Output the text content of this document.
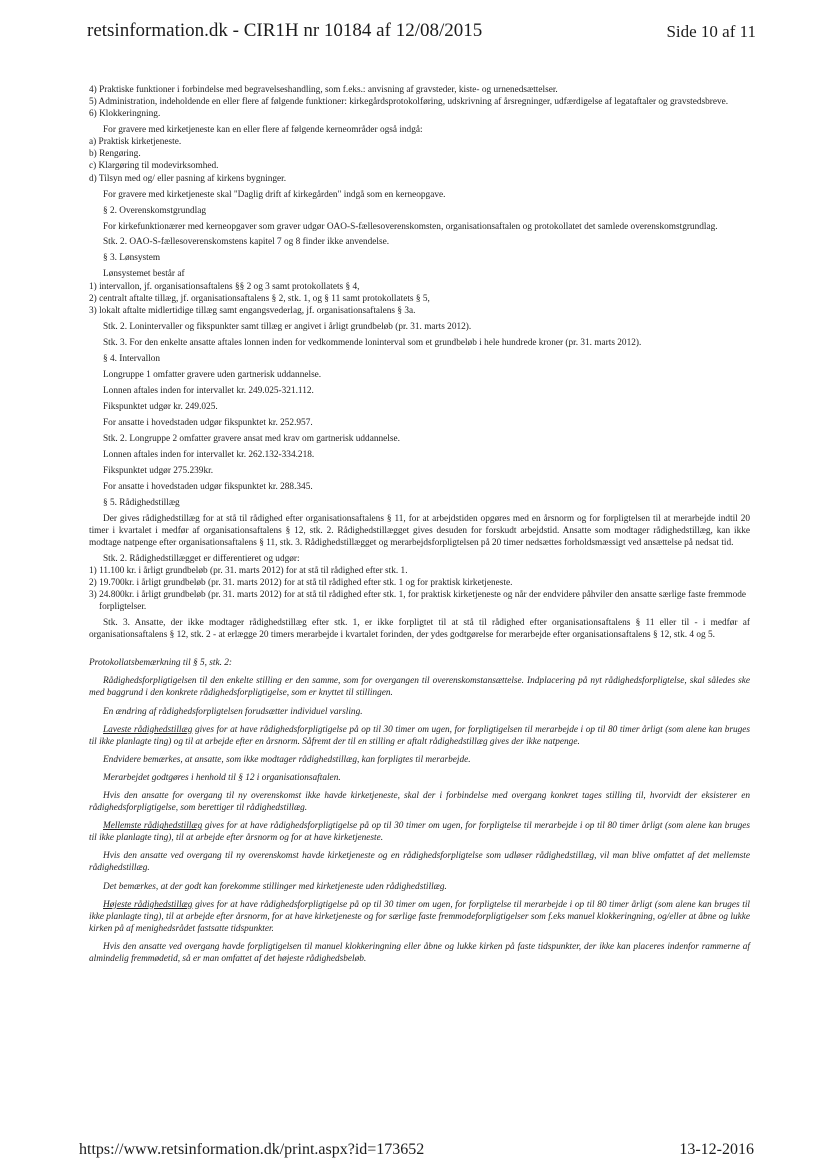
retsinformation.dk - CIR1H nr 10184 af 12/08/2015	Side 10 af 11

4) Praktiske funktioner i forbindelse med begravelseshandling, som f.eks.: anvisning af gravsteder, kiste- og urnenedsættelser.

5) Administration, indeholdende en eller flere af følgende funktioner: kirkegårdsprotokolføring, udskrivning af årsregninger, udfærdigelse af legataftaler og gravstedsbreve.

6) Klokkeringning.

For gravere med kirketjeneste kan en eller flere af følgende kerneområder også indgå:

a) Praktisk kirketjeneste.

b) Rengøring.

c) Klargøring til modevirksomhed.

d) Tilsyn med og/ eller pasning af kirkens bygninger.

For gravere med kirketjeneste skal "Daglig drift af kirkegården" indgå som en kerneopgave.

§ 2. Overenskomstgrundlag

For kirkefunktionærer med kerneopgaver som graver udgør OAO-S-fællesoverenskomsten, organisationsaftalen og protokollatet det samlede overenskomstgrundlag.

Stk. 2. OAO-S-fællesoverenskomstens kapitel 7 og 8 finder ikke anvendelse.

§ 3. Lønsystem

Lønsystemet består af

1) intervallon, jf. organisationsaftalens §§ 2 og 3 samt protokollatets § 4,

2) centralt aftalte tillæg, jf. organisationsaftalens § 2, stk. 1, og § 11 samt protokollatets § 5,

3) lokalt aftalte midlertidige tillæg samt engangsvederlag, jf. organisationsaftalens § 3a.

Stk. 2. Lonintervaller og fikspunkter samt tillæg er angivet i årligt grundbeløb (pr. 31. marts 2012).

Stk. 3. For den enkelte ansatte aftales lonnen inden for vedkommende loninterval som et grundbeløb i hele hundrede kroner (pr. 31. marts 2012).

§ 4. Intervallon

Longruppe 1 omfatter gravere uden gartnerisk uddannelse.

Lonnen aftales inden for intervallet kr. 249.025-321.112.

Fikspunktet udgør kr. 249.025.

For ansatte i hovedstaden udgør fikspunktet kr. 252.957.

Stk. 2. Longruppe 2 omfatter gravere ansat med krav om gartnerisk uddannelse.

Lonnen aftales inden for intervallet kr. 262.132-334.218.

Fikspunktet udgør 275.239kr.

For ansatte i hovedstaden udgør fikspunktet kr. 288.345.

§ 5. Rådighedstillæg

Der gives rådighedstillæg for at stå til rådighed efter organisationsaftalens § 11, for at arbejdstiden opgøres med en årsnorm og for forpligtelsen til at merarbejde indtil 20 timer i kvartalet i medfør af organisationsaftalens § 12, stk. 2. Rådighedstillægget gives desuden for forskudt arbejdstid. Ansatte som modtager rådighedstillæg, kan ikke modtage natpenge efter organisationsaftalens § 11, stk. 3. Rådighedstillægget og merarbejdsforpligtelsen på 20 timer nedsættes forholdsmæssigt ved ansættelse på nedsat tid.

Stk. 2. Rådighedstillægget er differentieret og udgør:

1) 11.100 kr. i årligt grundbeløb (pr. 31. marts 2012) for at stå til rådighed efter stk. 1.

2) 19.700kr. i årligt grundbeløb (pr. 31. marts 2012) for at stå til rådighed efter stk. 1 og for praktisk kirketjeneste.

3) 24.800kr. i årligt grundbeløb (pr. 31. marts 2012) for at stå til rådighed efter stk. 1, for praktisk kirketjeneste og når der endvidere påhviler den ansatte særlige faste fremmode forpligtelser.

Stk. 3. Ansatte, der ikke modtager rådighedstillæg efter stk. 1, er ikke forpligtet til at stå til rådighed efter organisationsaftalens § 11 eller til - i medfør af organisationsaftalens § 12, stk. 2 - at erlægge 20 timers merarbejde i kvartalet forinden, der ydes godtgørelse for merarbejde efter organisationsaftalens § 12, stk. 4 og 5.

Protokollatsbemærkning til § 5, stk. 2:

Rådighedsforpligtigelsen til den enkelte stilling er den samme, som for overgangen til overenskomstansættelse. Indplacering på nyt rådighedsforpligtelse, skal således ske med baggrund i den konkrete rådighedsforpligtigelse, som er knyttet til stillingen.

En ændring af rådighedsforpligtelsen forudsætter individuel varsling.

Laveste rådighedstillæg gives for at have rådighedsforpligtigelse på op til 30 timer om ugen, for forpligtigelsen til merarbejde i op til 80 timer årligt (som alene kan bruges til ikke planlagte ting) og til at arbejde efter en årsnorm. Såfremt der til en stilling er aftalt rådighedstillæg gives der ikke natpenge.

Endvidere bemærkes, at ansatte, som ikke modtager rådighedstillæg, kan forpligtes til merarbejde.

Merarbejdet godtgøres i henhold til § 12 i organisationsaftalen.

Hvis den ansatte for overgang til ny overenskomst ikke havde kirketjeneste, skal der i forbindelse med overgang konkret tages stilling til, hvorvidt der eksisterer en rådighedsforpligtigelse, som berettiger til rådighedstillæg.

Mellemste rådighedstillæg gives for at have rådighedsforpligtigelse på op til 30 timer om ugen, for forpligtelse til merarbejde i op til 80 timer årligt (som alene kan bruges til ikke planlagte ting), til at arbejde efter årsnorm og for at have kirketjeneste.

Hvis den ansatte ved overgang til ny overenskomst havde kirketjeneste og en rådighedsforpligtelse som udløser rådighedstillæg, vil man blive omfattet af det mellemste rådighedstillæg.

Det bemærkes, at der godt kan forekomme stillinger med kirketjeneste uden rådighedstillæg.

Højeste rådighedstillæg gives for at have rådighedsforpligtigelse på op til 30 timer om ugen, for forpligtelse til merarbejde i op til 80 timer årligt (som alene kan bruges til ikke planlagte ting), til at arbejde efter årsnorm, for at have kirketjeneste og for særlige faste fremmodeforpligtigelser som f.eks manuel klokkeringning, og/eller at åbne og lukke kirken på af menighedsrådet fastsatte tidspunkter.

Hvis den ansatte ved overgang havde forpligtigelsen til manuel klokkeringning eller åbne og lukke kirken på faste tidspunkter, der ikke kan placeres indenfor rammerne af almindelig fremmødetid, så er man omfattet af det højeste rådighedsbeløb.

https://www.retsinformation.dk/print.aspx?id=173652	13-12-2016
